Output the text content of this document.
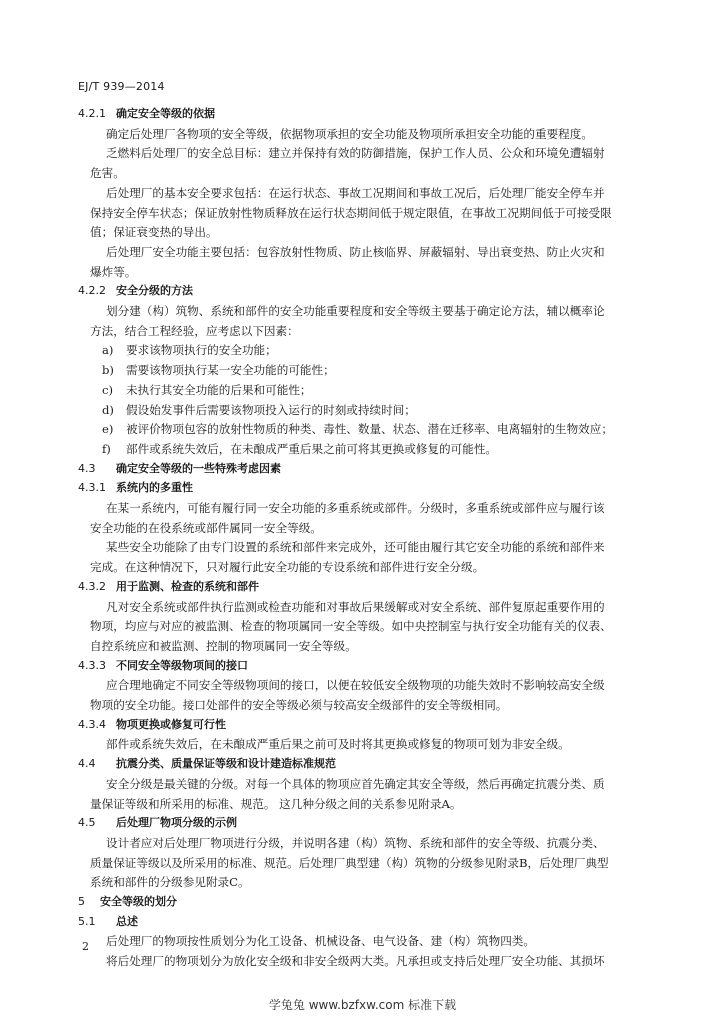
EJ/T 939—2014
4.2.1 确定安全等级的依据
确定后处理厂各物项的安全等级，依据物项承担的安全功能及物项所承担安全功能的重要程度。
乏燃料后处理厂的安全总目标：建立并保持有效的防御措施，保护工作人员、公众和环境免遭辐射
危害。
后处理厂的基本安全要求包括：在运行状态、事故工况期间和事故工况后，后处理厂能安全停车并
保持安全停车状态；保证放射性物质释放在运行状态期间低于规定限值，在事故工况期间低于可接受限
值；保证衰变热的导出。
后处理厂安全功能主要包括：包容放射性物质、防止核临界、屏蔽辐射、导出衰变热、防止火灾和
爆炸等。
4.2.2 安全分级的方法
划分建（构）筑物、系统和部件的安全功能重要程度和安全等级主要基于确定论方法，辅以概率论
方法，结合工程经验，应考虑以下因素：
a) 要求该物项执行的安全功能；
b) 需要该物项执行某一安全功能的可能性；
c) 未执行其安全功能的后果和可能性；
d) 假设始发事件后需要该物项投入运行的时刻或持续时间；
e) 被评价物项包容的放射性物质的种类、毒性、数量、状态、潜在迁移率、电离辐射的生物效应；
f) 部件或系统失效后，在未酿成严重后果之前可将其更换或修复的可能性。
4.3 确定安全等级的一些特殊考虑因素
4.3.1 系统内的多重性
在某一系统内，可能有履行同一安全功能的多重系统或部件。分级时，多重系统或部件应与履行该
安全功能的在役系统或部件属同一安全等级。
某些安全功能除了由专门设置的系统和部件来完成外，还可能由履行其它安全功能的系统和部件来
完成。在这种情况下，只对履行此安全功能的专设系统和部件进行安全分级。
4.3.2 用于监测、检查的系统和部件
凡对安全系统或部件执行监测或检查功能和对事故后果缓解或对安全系统、部件复原起重要作用的
物项，均应与对应的被监测、检查的物项属同一安全等级。如中央控制室与执行安全功能有关的仪表、
自控系统应和被监测、控制的物项属同一安全等级。
4.3.3 不同安全等级物项间的接口
应合理地确定不同安全等级物项间的接口，以便在较低安全级物项的功能失效时不影响较高安全级
物项的安全功能。接口处部件的安全等级必须与较高安全级部件的安全等级相同。
4.3.4 物项更换或修复可行性
部件或系统失效后，在未酿成严重后果之前可及时将其更换或修复的物项可划为非安全级。
4.4 抗震分类、质量保证等级和设计建造标准规范
安全分级是最关键的分级。对每一个具体的物项应首先确定其安全等级，然后再确定抗震分类、质
量保证等级和所采用的标准、规范。 这几种分级之间的关系参见附录A。
4.5 后处理厂物项分级的示例
设计者应对后处理厂物项进行分级，并说明各建（构）筑物、系统和部件的安全等级、抗震分类、
质量保证等级以及所采用的标准、规范。后处理厂典型建（构）筑物的分级参见附录B，后处理厂典型
系统和部件的分级参见附录C。
5 安全等级的划分
5.1 总述
后处理厂的物项按性质划分为化工设备、机械设备、电气设备、建（构）筑物四类。
将后处理厂的物项划分为放化安全级和非安全级两大类。凡承担或支持后处理厂安全功能、其损坏
2
学兔兔 www.bzfxw.com 标准下载
